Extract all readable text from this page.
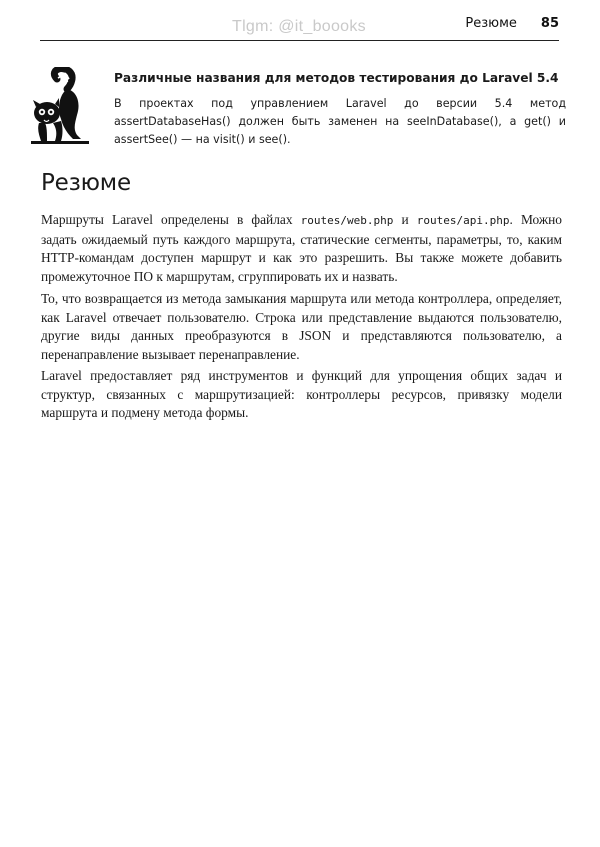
Tlgm: @it_boooks	Резюме 85
Различные названия для методов тестирования до Laravel 5.4
В проектах под управлением Laravel до версии 5.4 метод assertDatabaseHas() должен быть заменен на seeInDatabase(), a get() и assertSee() — на visit() и see().
Резюме

Маршруты Laravel определены в файлах routes/web.php и routes/api.php. Можно задать ожидаемый путь каждого маршрута, статические сегменты, параметры, то, каким HTTP-командам доступен маршрут и как это разрешить. Вы также можете добавить промежуточное ПО к маршрутам, сгруппировать их и назвать.

То, что возвращается из метода замыкания маршрута или метода контроллера, определяет, как Laravel отвечает пользователю. Строка или представление выдаются пользователю, другие виды данных преобразуются в JSON и представляются пользователю, а перенаправление вызывает перенаправление.

Laravel предоставляет ряд инструментов и функций для упрощения общих задач и структур, связанных с маршрутизацией: контроллеры ресурсов, привязку модели маршрута и подмену метода формы.
